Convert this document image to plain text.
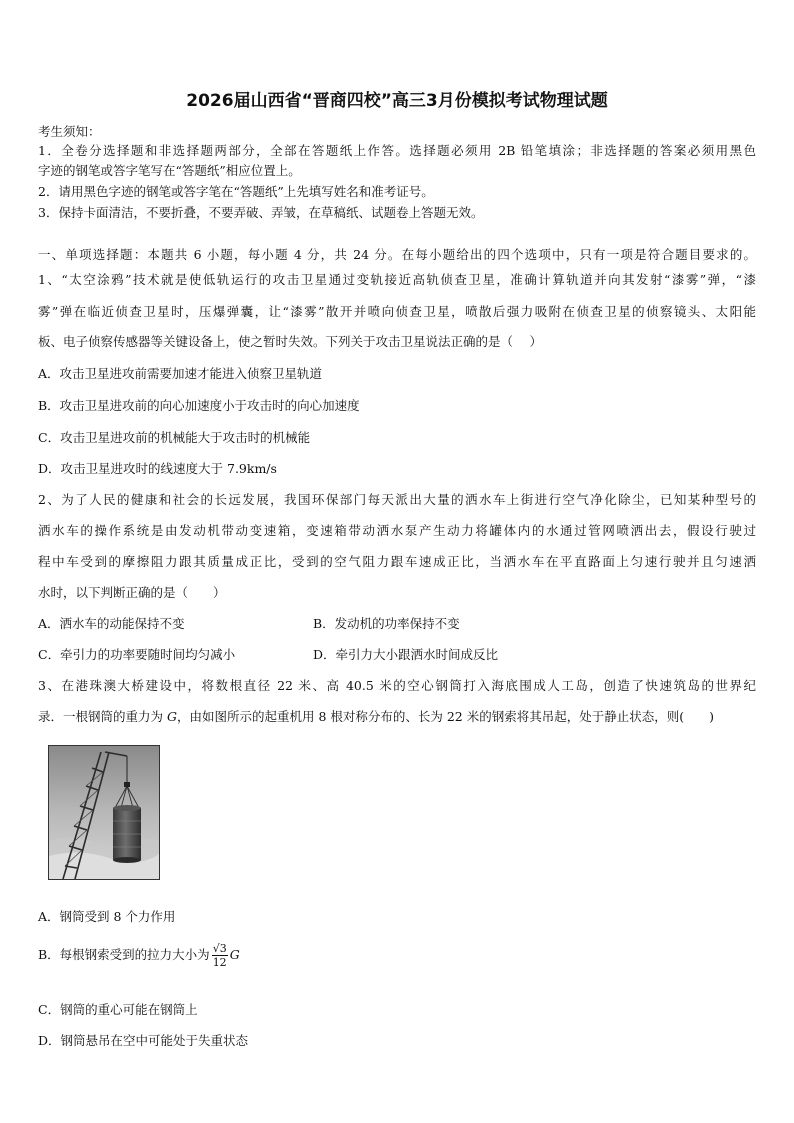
2026届山西省“晋商四校”高三3月份模拟考试物理试题
考生须知：
1．全卷分选择题和非选择题两部分，全部在答题纸上作答。选择题必须用 2B 铅笔填涂；非选择题的答案必须用黑色
字迹的钢笔或答字笔写在“答题纸”相应位置上。
2．请用黑色字迹的钢笔或答字笔在“答题纸”上先填写姓名和准考证号。
3．保持卡面清洁，不要折叠，不要弄破、弄皱，在草稿纸、试题卷上答题无效。
一、单项选择题：本题共 6 小题，每小题 4 分，共 24 分。在每小题给出的四个选项中，只有一项是符合题目要求的。
1、“太空涂鸦”技术就是使低轨运行的攻击卫星通过变轨接近高轨侦查卫星，准确计算轨道并向其发射“漆雾”弹，“漆
雾”弹在临近侦查卫星时，压爆弹囊，让“漆雾”散开并喷向侦查卫星，喷散后强力吸附在侦查卫星的侦察镜头、太阳能
板、电子侦察传感器等关键设备上，使之暂时失效。下列关于攻击卫星说法正确的是（　 ）
A．攻击卫星进攻前需要加速才能进入侦察卫星轨道
B．攻击卫星进攻前的向心加速度小于攻击时的向心加速度
C．攻击卫星进攻前的机械能大于攻击时的机械能
D．攻击卫星进攻时的线速度大于 7.9km/s
2、为了人民的健康和社会的长远发展，我国环保部门每天派出大量的洒水车上街进行空气净化除尘，已知某种型号的
洒水车的操作系统是由发动机带动变速箱，变速箱带动洒水泵产生动力将罐体内的水通过管网喷洒出去，假设行驶过
程中车受到的摩擦阻力跟其质量成正比，受到的空气阻力跟车速成正比，当洒水车在平直路面上匀速行驶并且匀速洒
水时，以下判断正确的是（　　）
A．洒水车的动能保持不变	B．发动机的功率保持不变
C．牵引力的功率要随时间均匀减小	D．牵引力大小跟洒水时间成反比
3、在港珠澳大桥建设中，将数根直径 22 米、高 40.5 米的空心钢筒打入海底围成人工岛，创造了快速筑岛的世界纪
录．一根钢筒的重力为 G，由如图所示的起重机用 8 根对称分布的、长为 22 米的钢索将其吊起，处于静止状态，则(　　)
A．钢筒受到 8 个力作用
B．每根钢索受到的拉力大小为 $\frac{√3}{12}$ G
C．钢筒的重心可能在钢筒上
D．钢筒悬吊在空中可能处于失重状态
